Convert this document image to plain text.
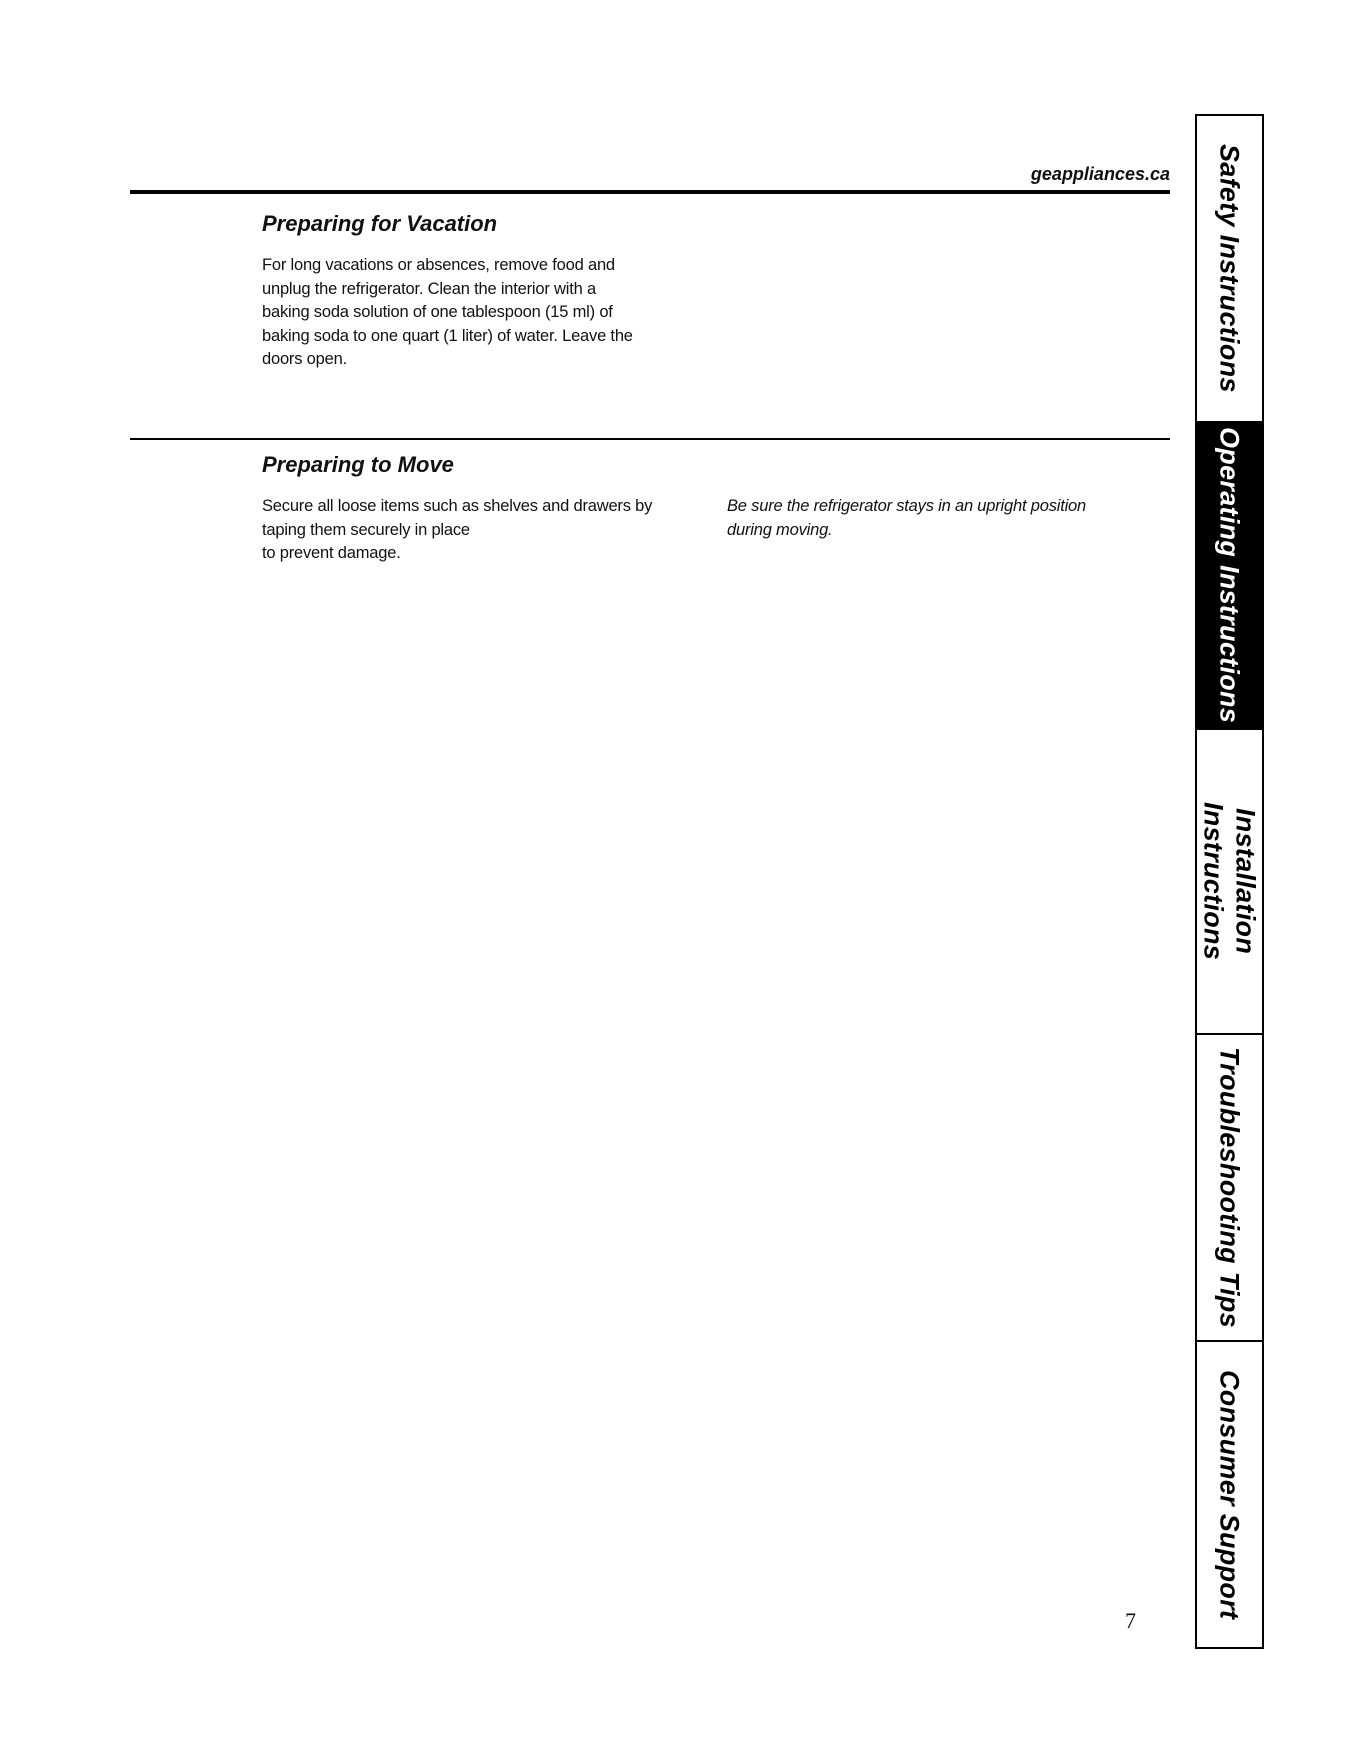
geappliances.ca
Preparing for Vacation

For long vacations or absences, remove food and
unplug the refrigerator. Clean the interior with a
baking soda solution of one tablespoon (15 ml) of
baking soda to one quart (1 liter) of water. Leave the
doors open.

Preparing to Move

Secure all loose items such as shelves and drawers by
taping them securely in place
to prevent damage.

Be sure the refrigerator stays in an upright position
during moving.

7
Safety Instructions
Operating Instructions
Installation
Instructions
Troubleshooting Tips
Consumer Support
